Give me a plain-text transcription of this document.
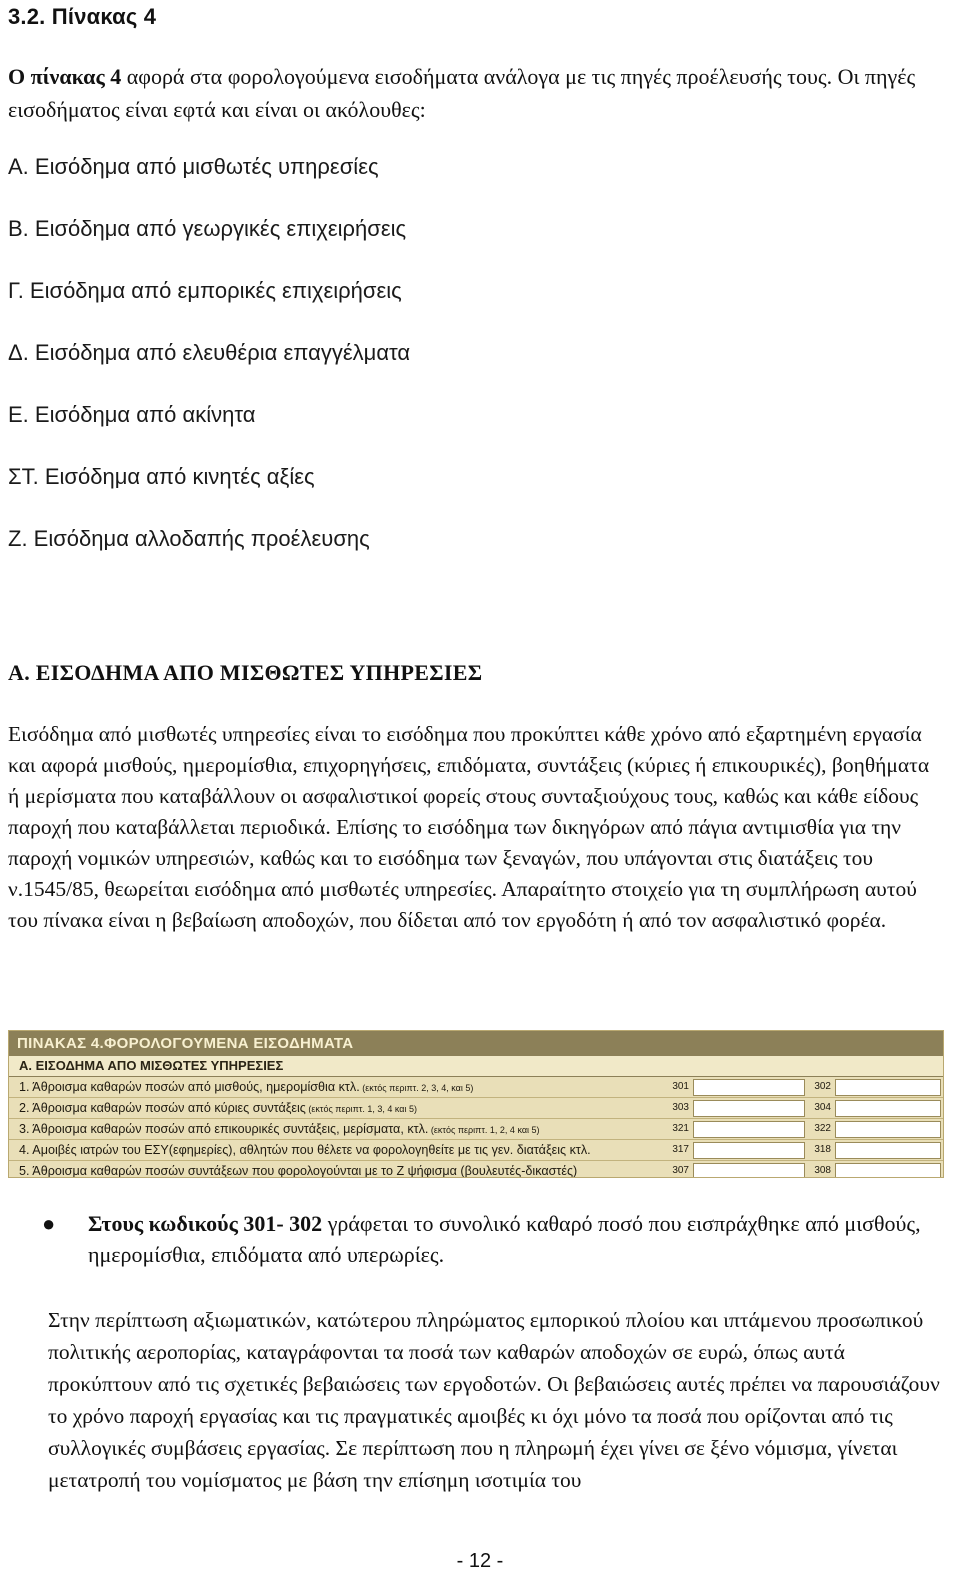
3.2. Πίνακας 4
Ο πίνακας 4 αφορά στα φορολογούμενα εισοδήματα ανάλογα με τις πηγές προέλευσής τους. Οι πηγές εισοδήματος είναι εφτά και είναι οι ακόλουθες:
Α. Εισόδημα από μισθωτές υπηρεσίες
Β. Εισόδημα από γεωργικές επιχειρήσεις
Γ. Εισόδημα από εμπορικές επιχειρήσεις
Δ. Εισόδημα από ελευθέρια επαγγέλματα
Ε. Εισόδημα από ακίνητα
ΣΤ. Εισόδημα από κινητές αξίες
Ζ. Εισόδημα αλλοδαπής προέλευσης
Α. ΕΙΣΟΔΗΜΑ ΑΠΟ ΜΙΣΘΩΤΕΣ ΥΠΗΡΕΣΙΕΣ
Εισόδημα από μισθωτές υπηρεσίες είναι το εισόδημα που προκύπτει κάθε χρόνο από εξαρτημένη εργασία και αφορά μισθούς, ημερομίσθια, επιχορηγήσεις, επιδόματα, συντάξεις (κύριες ή επικουρικές), βοηθήματα ή μερίσματα που καταβάλλουν οι ασφαλιστικοί φορείς στους συνταξιούχους τους, καθώς και κάθε είδους παροχή που καταβάλλεται περιοδικά. Επίσης το εισόδημα των δικηγόρων από πάγια αντιμισθία για την παροχή νομικών υπηρεσιών, καθώς και το εισόδημα των ξεναγών, που υπάγονται στις διατάξεις του ν.1545/85, θεωρείται εισόδημα από μισθωτές υπηρεσίες. Απαραίτητο στοιχείο για τη συμπλήρωση αυτού του πίνακα είναι η βεβαίωση αποδοχών, που δίδεται από τον εργοδότη ή από τον ασφαλιστικό φορέα.
ΠΙΝΑΚΑΣ 4.ΦΟΡΟΛΟΓΟΥΜΕΝΑ ΕΙΣΟΔΗΜΑΤΑ
Α. ΕΙΣΟΔΗΜΑ ΑΠΟ ΜΙΣΘΩΤΕΣ ΥΠΗΡΕΣΙΕΣ
1. Άθροισμα καθαρών ποσών από μισθούς, ημερομίσθια κτλ. (εκτός περιπτ. 2, 3, 4, και 5)	301	302
2. Άθροισμα καθαρών ποσών από κύριες συντάξεις (εκτός περιπτ. 1, 3, 4 και 5)	303	304
3. Άθροισμα καθαρών ποσών από επικουρικές συντάξεις, μερίσματα, κτλ. (εκτός περιπτ. 1, 2, 4 και 5)	321	322
4. Αμοιβές ιατρών του ΕΣΥ(εφημερίες), αθλητών που θέλετε να φορολογηθείτε με τις γεν. διατάξεις κτλ.	317	318
5. Άθροισμα καθαρών ποσών συντάξεων που φορολογούνται με το Ζ ψήφισμα (βουλευτές-δικαστές)	307	308
● Στους κωδικούς 301- 302 γράφεται το συνολικό καθαρό ποσό που εισπράχθηκε από μισθούς, ημερομίσθια, επιδόματα από υπερωρίες.
Στην περίπτωση αξιωματικών, κατώτερου πληρώματος εμπορικού πλοίου και ιπτάμενου προσωπικού πολιτικής αεροπορίας, καταγράφονται τα ποσά των καθαρών αποδοχών σε ευρώ, όπως αυτά προκύπτουν από τις σχετικές βεβαιώσεις των εργοδοτών. Οι βεβαιώσεις αυτές πρέπει να παρουσιάζουν το χρόνο παροχή εργασίας και τις πραγματικές αμοιβές κι όχι μόνο τα ποσά που ορίζονται από τις συλλογικές συμβάσεις εργασίας. Σε περίπτωση που η πληρωμή έχει γίνει σε ξένο νόμισμα, γίνεται μετατροπή του νομίσματος με βάση την επίσημη ισοτιμία του
- 12 -
